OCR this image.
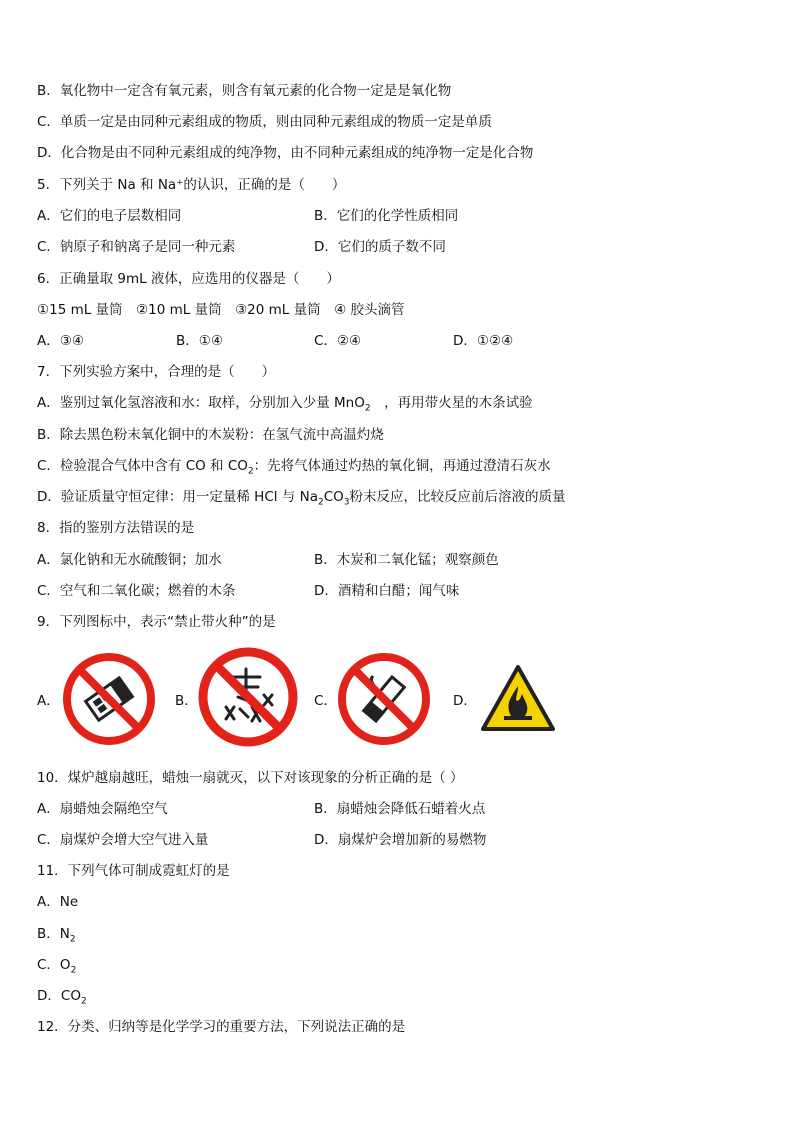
B．氧化物中一定含有氧元素，则含有氧元素的化合物一定是是氧化物
C．单质一定是由同种元素组成的物质，则由同种元素组成的物质一定是单质
D．化合物是由不同种元素组成的纯净物，由不同种元素组成的纯净物一定是化合物
5．下列关于 Na 和 Na⁺的认识，正确的是（　　）
A．它们的电子层数相同	B．它们的化学性质相同
C．钠原子和钠离子是同一种元素	D．它们的质子数不同
6．正确量取 9mL 液体，应选用的仪器是（　　）
①15 mL 量筒　②10 mL 量筒　③20 mL 量筒　④ 胶头滴管
A．③④	B．①④	C．②④	D．①②④
7．下列实验方案中，合理的是（　　）
A．鉴别过氧化氢溶液和水：取样，分别加入少量 MnO$_2$　，再用带火星的木条试验
B．除去黑色粉末氧化铜中的木炭粉：在氢气流中高温灼烧
C．检验混合气体中含有 CO 和 $CO_2$：先将气体通过灼热的氧化铜，再通过澄清石灰水
D．验证质量守恒定律：用一定量稀 HCl 与 $Na_2CO_3$粉末反应，比较反应前后溶液的质量
8．指的鉴别方法错误的是
A．氯化钠和无水硫酸铜；加水	B．木炭和二氧化锰；观察颜色
C．空气和二氧化碳；燃着的木条	D．酒精和白醋；闻气味
9．下列图标中，表示“禁止带火种”的是
A．	B．	C．	D．
10．煤炉越扇越旺，蜡烛一扇就灭，以下对该现象的分析正确的是（ ）
A．扇蜡烛会隔绝空气	B．扇蜡烛会降低石蜡着火点
C．扇煤炉会增大空气进入量	D．扇煤炉会增加新的易燃物
11．下列气体可制成霓虹灯的是
A．Ne
B．$N_2$
C．$O_2$
D．$CO_2$
12．分类、归纳等是化学学习的重要方法，下列说法正确的是
